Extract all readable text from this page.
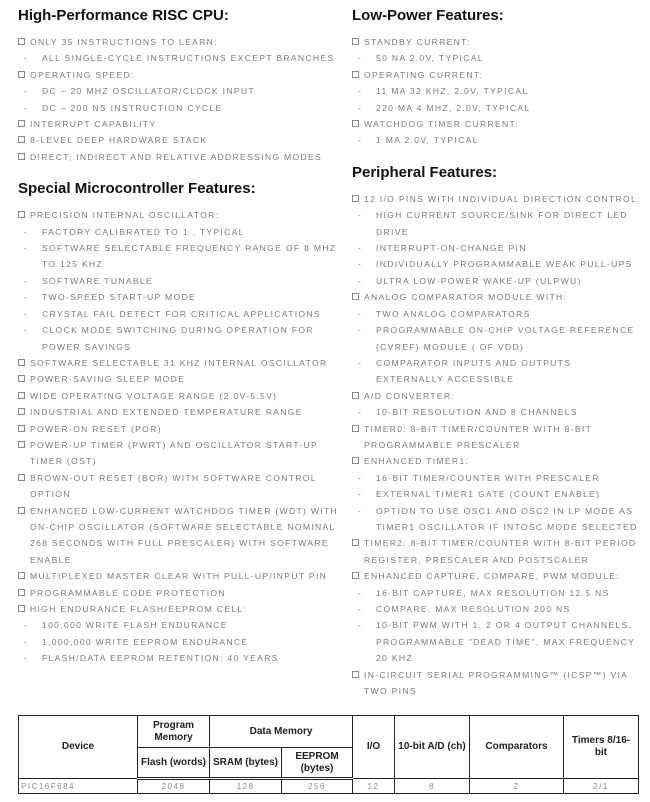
High-Performance RISC CPU:
ONLY 35 INSTRUCTIONS TO LEARN:
- ALL SINGLE-CYCLE INSTRUCTIONS EXCEPT BRANCHES
OPERATING SPEED:
- DC – 20 MHZ OSCILLATOR/CLOCK INPUT
- DC – 200 NS INSTRUCTION CYCLE
INTERRUPT CAPABILITY
8-LEVEL DEEP HARDWARE STACK
DIRECT, INDIRECT AND RELATIVE ADDRESSING MODES
Special Microcontroller Features:
PRECISION INTERNAL OSCILLATOR:
- FACTORY CALIBRATED TO 1 , TYPICAL
- SOFTWARE SELECTABLE FREQUENCY RANGE OF 8 MHZ TO 125 KHZ
- SOFTWARE TUNABLE
- TWO-SPEED START-UP MODE
- CRYSTAL FAIL DETECT FOR CRITICAL APPLICATIONS
- CLOCK MODE SWITCHING DURING OPERATION FOR POWER SAVINGS
SOFTWARE SELECTABLE 31 KHZ INTERNAL OSCILLATOR
POWER-SAVING SLEEP MODE
WIDE OPERATING VOLTAGE RANGE (2.0V-5.5V)
INDUSTRIAL AND EXTENDED TEMPERATURE RANGE
POWER-ON RESET (POR)
POWER-UP TIMER (PWRT) AND OSCILLATOR START-UP TIMER (OST)
BROWN-OUT RESET (BOR) WITH SOFTWARE CONTROL OPTION
ENHANCED LOW-CURRENT WATCHDOG TIMER (WDT) WITH ON-CHIP OSCILLATOR (SOFTWARE SELECTABLE NOMINAL 268 SECONDS WITH FULL PRESCALER) WITH SOFTWARE ENABLE
MULTIPLEXED MASTER CLEAR WITH PULL-UP/INPUT PIN
PROGRAMMABLE CODE PROTECTION
HIGH ENDURANCE FLASH/EEPROM CELL:
- 100,000 WRITE FLASH ENDURANCE
- 1,000,000 WRITE EEPROM ENDURANCE
- FLASH/DATA EEPROM RETENTION: 40 YEARS
Low-Power Features:
STANDBY CURRENT:
- 50 NA 2.0V, TYPICAL
OPERATING CURRENT:
- 11 ΜA 32 KHZ, 2.0V, TYPICAL
- 220 ΜA 4 MHZ, 2.0V, TYPICAL
WATCHDOG TIMER CURRENT:
- 1 ΜA 2.0V, TYPICAL
Peripheral Features:
12 I/O PINS WITH INDIVIDUAL DIRECTION CONTROL:
- HIGH CURRENT SOURCE/SINK FOR DIRECT LED DRIVE
- INTERRUPT-ON-CHANGE PIN
- INDIVIDUALLY PROGRAMMABLE WEAK PULL-UPS
- ULTRA LOW-POWER WAKE-UP (ULPWU)
ANALOG COMPARATOR MODULE WITH:
- TWO ANALOG COMPARATORS
- PROGRAMMABLE ON-CHIP VOLTAGE REFERENCE (CVREF) MODULE ( OF VDD)
- COMPARATOR INPUTS AND OUTPUTS EXTERNALLY ACCESSIBLE
A/D CONVERTER:
- 10-BIT RESOLUTION AND 8 CHANNELS
TIMER0: 8-BIT TIMER/COUNTER WITH 8-BIT PROGRAMMABLE PRESCALER
ENHANCED TIMER1:
- 16-BIT TIMER/COUNTER WITH PRESCALER
- EXTERNAL TIMER1 GATE (COUNT ENABLE)
- OPTION TO USE OSC1 AND OSC2 IN LP MODE AS TIMER1 OSCILLATOR IF INTOSC MODE SELECTED
TIMER2: 8-BIT TIMER/COUNTER WITH 8-BIT PERIOD REGISTER, PRESCALER AND POSTSCALER
ENHANCED CAPTURE, COMPARE, PWM MODULE:
- 16-BIT CAPTURE, MAX RESOLUTION 12.5 NS
- COMPARE, MAX RESOLUTION 200 NS
- 10-BIT PWM WITH 1, 2 OR 4 OUTPUT CHANNELS, PROGRAMMABLE "DEAD TIME", MAX FREQUENCY 20 KHZ
IN-CIRCUIT SERIAL PROGRAMMING™ (ICSP™) VIA TWO PINS
Device	Program Memory	Data Memory		I/O	10-bit A/D (ch)	Comparators	Timers 8/16-bit
	Flash (words)	SRAM (bytes)	EEPROM (bytes)				
PIC16F684	2048	128	256	12	8	2	2/1
